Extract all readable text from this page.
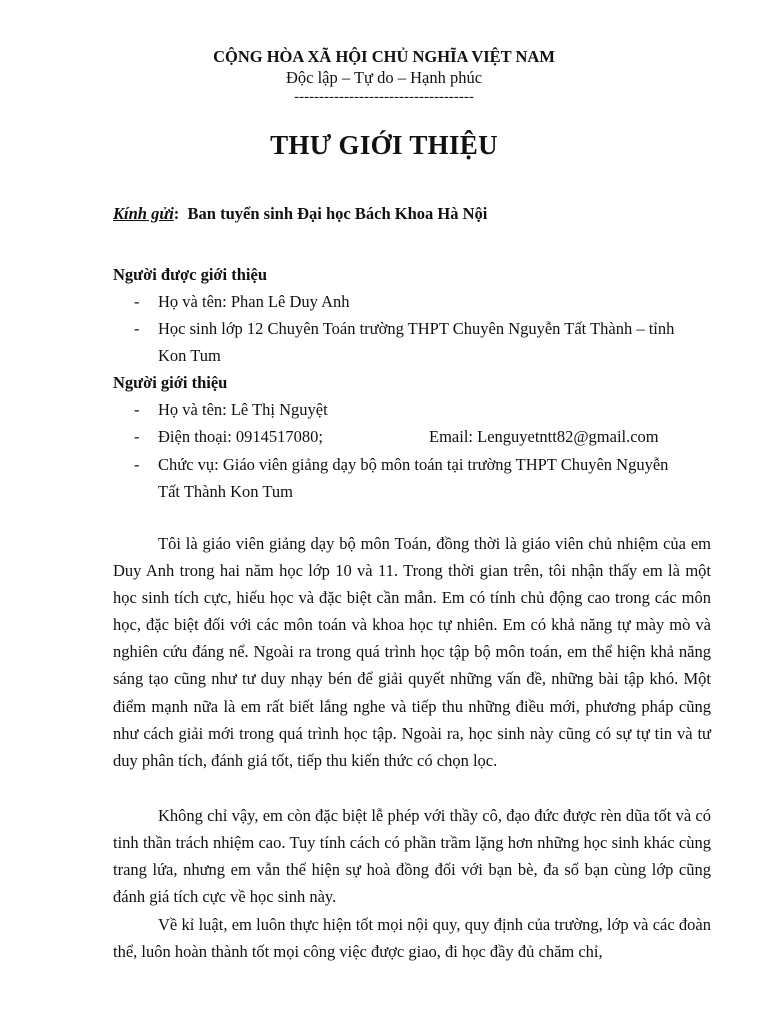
CỘNG HÒA XÃ HỘI CHỦ NGHĨA VIỆT NAM
Độc lập – Tự do – Hạnh phúc
------------------------------------
THƯ GIỚI THIỆU
Kính gửi: Ban tuyển sinh Đại học Bách Khoa Hà Nội
Người được giới thiệu
- Họ và tên: Phan Lê Duy Anh
- Học sinh lớp 12 Chuyên Toán trường THPT Chuyên Nguyễn Tất Thành – tỉnh
Kon Tum
Người giới thiệu
- Họ và tên: Lê Thị Nguyệt
- Điện thoại: 0914517080;	Email: Lenguyetntt82@gmail.com
- Chức vụ: Giáo viên giảng dạy bộ môn toán tại trường THPT Chuyên Nguyễn
Tất Thành Kon Tum

Tôi là giáo viên giảng dạy bộ môn Toán, đồng thời là giáo viên chủ nhiệm của em Duy Anh trong hai năm học lớp 10 và 11. Trong thời gian trên, tôi nhận thấy em là một học sinh tích cực, hiếu học và đặc biệt cần mẫn. Em có tính chủ động cao trong các môn học, đặc biệt đối với các môn toán và khoa học tự nhiên. Em có khả năng tự mày mò và nghiên cứu đáng nể. Ngoài ra trong quá trình học tập bộ môn toán, em thể hiện khả năng sáng tạo cũng như tư duy nhạy bén để giải quyết những vấn đề, những bài tập khó. Một điểm mạnh nữa là em rất biết lắng nghe và tiếp thu những điều mới, phương pháp cũng như cách giải mới trong quá trình học tập. Ngoài ra, học sinh này cũng có sự tự tin và tư duy phân tích, đánh giá tốt, tiếp thu kiến thức có chọn lọc.

Không chỉ vậy, em còn đặc biệt lễ phép với thầy cô, đạo đức được rèn dũa tốt và có tinh thần trách nhiệm cao. Tuy tính cách có phần trầm lặng hơn những học sinh khác cùng trang lứa, nhưng em vẫn thể hiện sự hoà đồng đối với bạn bè, đa số bạn cùng lớp cũng đánh giá tích cực về học sinh này.

Về kỉ luật, em luôn thực hiện tốt mọi nội quy, quy định của trường, lớp và các đoàn thể, luôn hoàn thành tốt mọi công việc được giao, đi học đầy đủ chăm chỉ,
